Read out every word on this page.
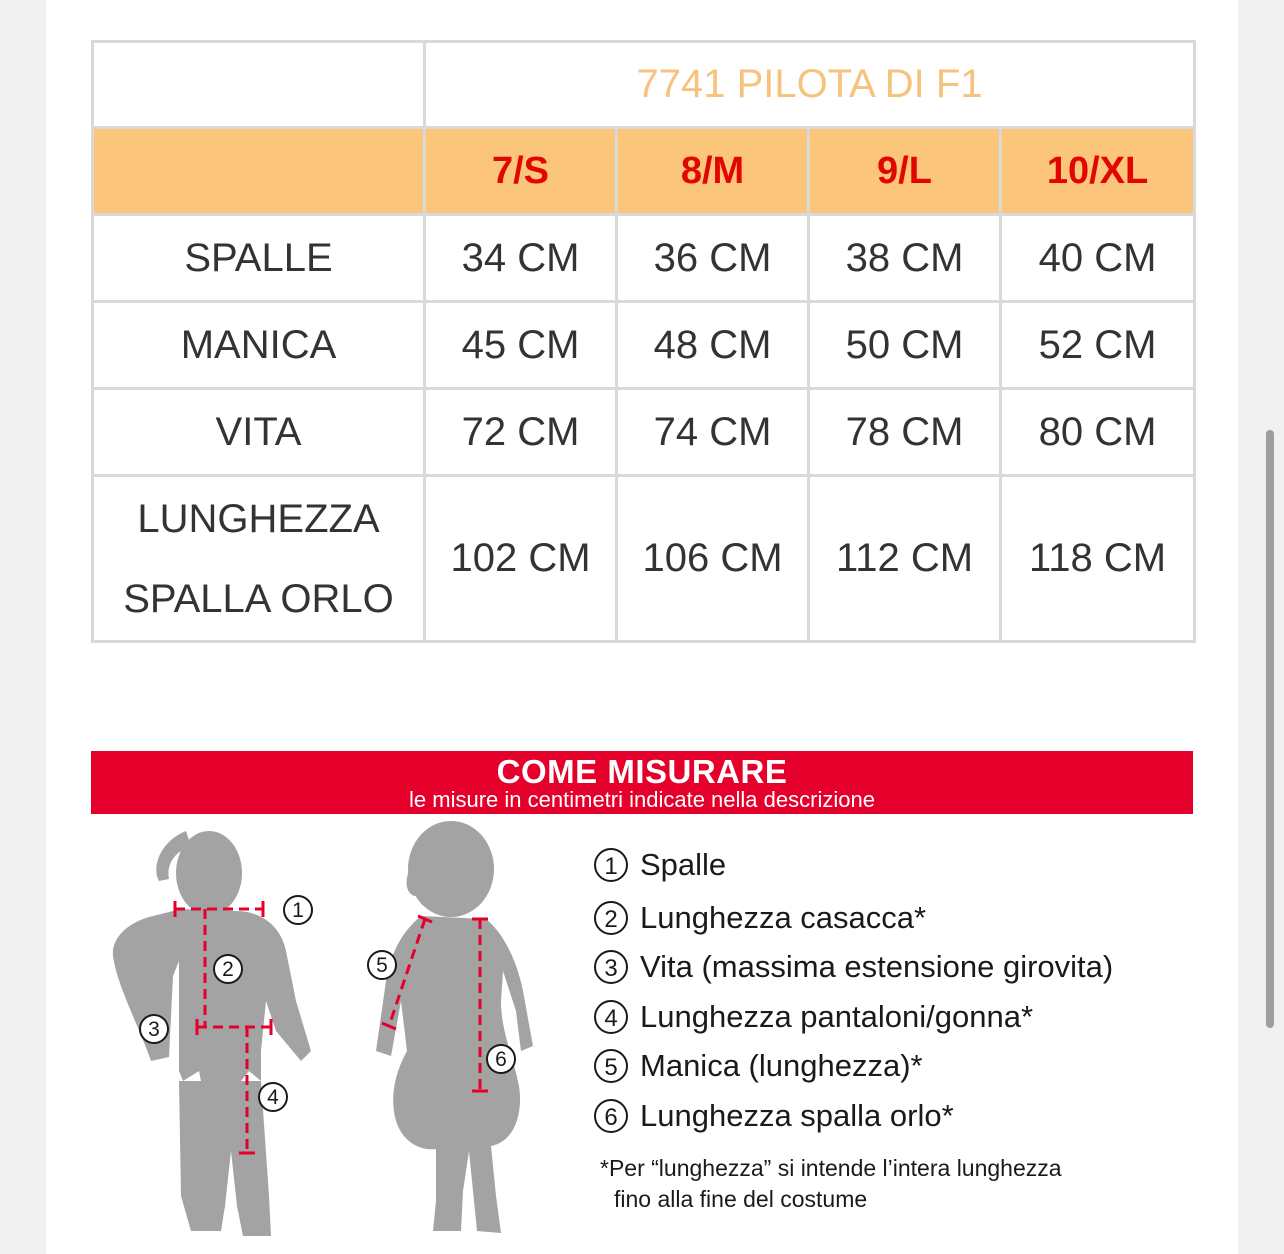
	7741 PILOTA DI F1			
	7/S	8/M	9/L	10/XL
SPALLE	34 CM	36 CM	38 CM	40 CM
MANICA	45 CM	48 CM	50 CM	52 CM
VITA	72 CM	74 CM	78 CM	80 CM

LUNGHEZZA
SPALLA ORLO	102 CM	106 CM	112 CM	118 CM
COME MISURARE
le misure in centimetri indicate nella descrizione
1
2
3
4
5
6
1 Spalle
2 Lunghezza casacca*
3 Vita (massima estensione girovita)
4 Lunghezza pantaloni/gonna*
5 Manica (lunghezza)*
6 Lunghezza spalla orlo*
*Per “lunghezza” si intende l’intera lunghezza
fino alla fine del costume
